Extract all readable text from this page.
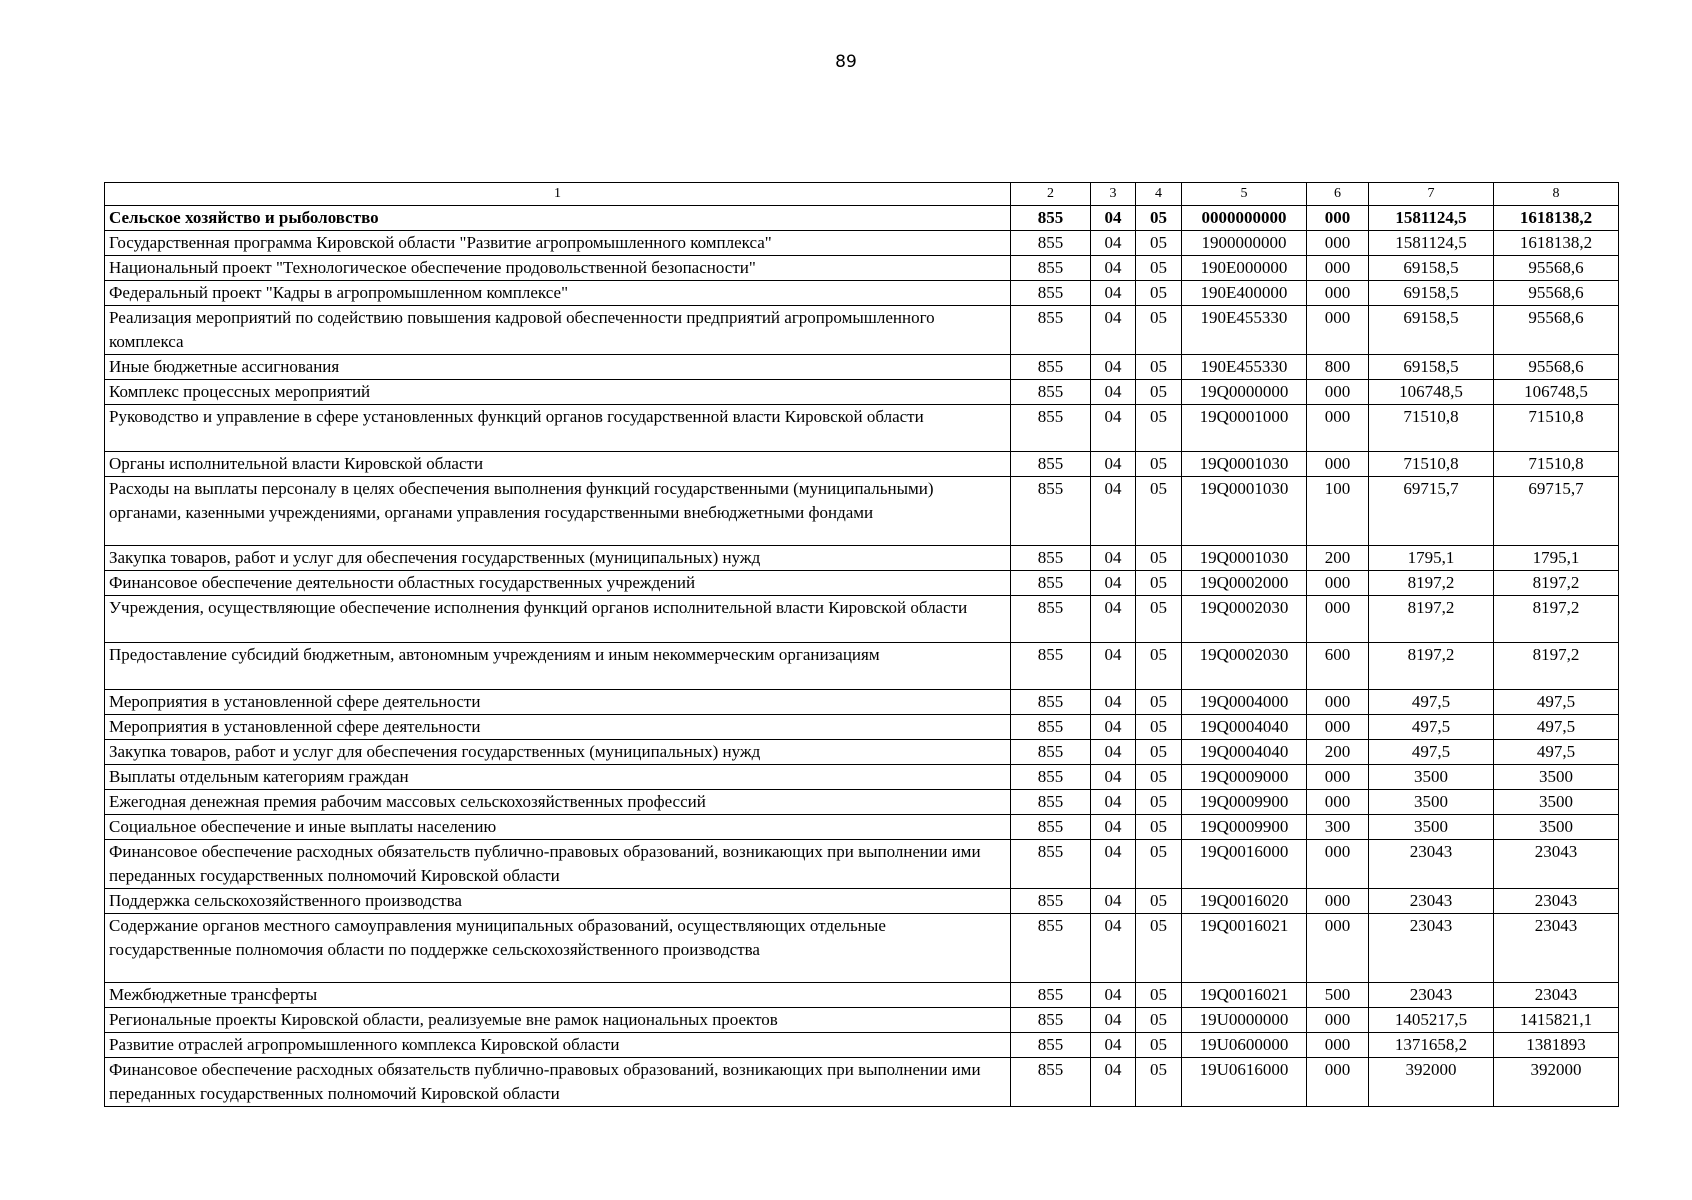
89
1	2	3	4	5	6	7	8
Сельское хозяйство и рыболовство	855	04	05	0000000000	000	1581124,5	1618138,2
Государственная программа Кировской области "Развитие агропромышленного комплекса"	855	04	05	1900000000	000	1581124,5	1618138,2
Национальный проект "Технологическое обеспечение продовольственной безопасности"	855	04	05	190Е000000	000	69158,5	95568,6
Федеральный проект "Кадры в агропромышленном комплексе"	855	04	05	190Е400000	000	69158,5	95568,6
Реализация мероприятий по содействию повышения кадровой обеспеченности предприятий агропромышленного комплекса	855	04	05	190Е455330	000	69158,5	95568,6
Иные бюджетные ассигнования	855	04	05	190Е455330	800	69158,5	95568,6
Комплекс процессных мероприятий	855	04	05	19Q0000000	000	106748,5	106748,5
Руководство и управление в сфере установленных функций органов государственной власти Кировской области	855	04	05	19Q0001000	000	71510,8	71510,8
Органы исполнительной власти Кировской области	855	04	05	19Q0001030	000	71510,8	71510,8
Расходы на выплаты персоналу в целях обеспечения выполнения функций государственными (муниципальными) органами, казенными учреждениями, органами управления государственными внебюджетными фондами	855	04	05	19Q0001030	100	69715,7	69715,7
Закупка товаров, работ и услуг для обеспечения государственных (муниципальных) нужд	855	04	05	19Q0001030	200	1795,1	1795,1
Финансовое обеспечение деятельности областных государственных учреждений	855	04	05	19Q0002000	000	8197,2	8197,2
Учреждения, осуществляющие обеспечение исполнения функций органов исполнительной власти Кировской области	855	04	05	19Q0002030	000	8197,2	8197,2
Предоставление субсидий бюджетным, автономным учреждениям и иным некоммерческим организациям	855	04	05	19Q0002030	600	8197,2	8197,2
Мероприятия в установленной сфере деятельности	855	04	05	19Q0004000	000	497,5	497,5
Мероприятия в установленной сфере деятельности	855	04	05	19Q0004040	000	497,5	497,5
Закупка товаров, работ и услуг для обеспечения государственных (муниципальных) нужд	855	04	05	19Q0004040	200	497,5	497,5
Выплаты отдельным категориям граждан	855	04	05	19Q0009000	000	3500	3500
Ежегодная денежная премия рабочим массовых сельскохозяйственных профессий	855	04	05	19Q0009900	000	3500	3500
Социальное обеспечение и иные выплаты населению	855	04	05	19Q0009900	300	3500	3500
Финансовое обеспечение расходных обязательств публично-правовых образований, возникающих при выполнении ими переданных государственных полномочий Кировской области	855	04	05	19Q0016000	000	23043	23043
Поддержка сельскохозяйственного производства	855	04	05	19Q0016020	000	23043	23043
Содержание органов местного самоуправления муниципальных образований, осуществляющих отдельные государственные полномочия области по поддержке сельскохозяйственного производства	855	04	05	19Q0016021	000	23043	23043
Межбюджетные трансферты	855	04	05	19Q0016021	500	23043	23043
Региональные проекты Кировской области, реализуемые вне рамок национальных проектов	855	04	05	19U0000000	000	1405217,5	1415821,1
Развитие отраслей агропромышленного комплекса Кировской области	855	04	05	19U0600000	000	1371658,2	1381893
Финансовое обеспечение расходных обязательств публично-правовых образований, возникающих при выполнении ими переданных государственных полномочий Кировской области	855	04	05	19U0616000	000	392000	392000
